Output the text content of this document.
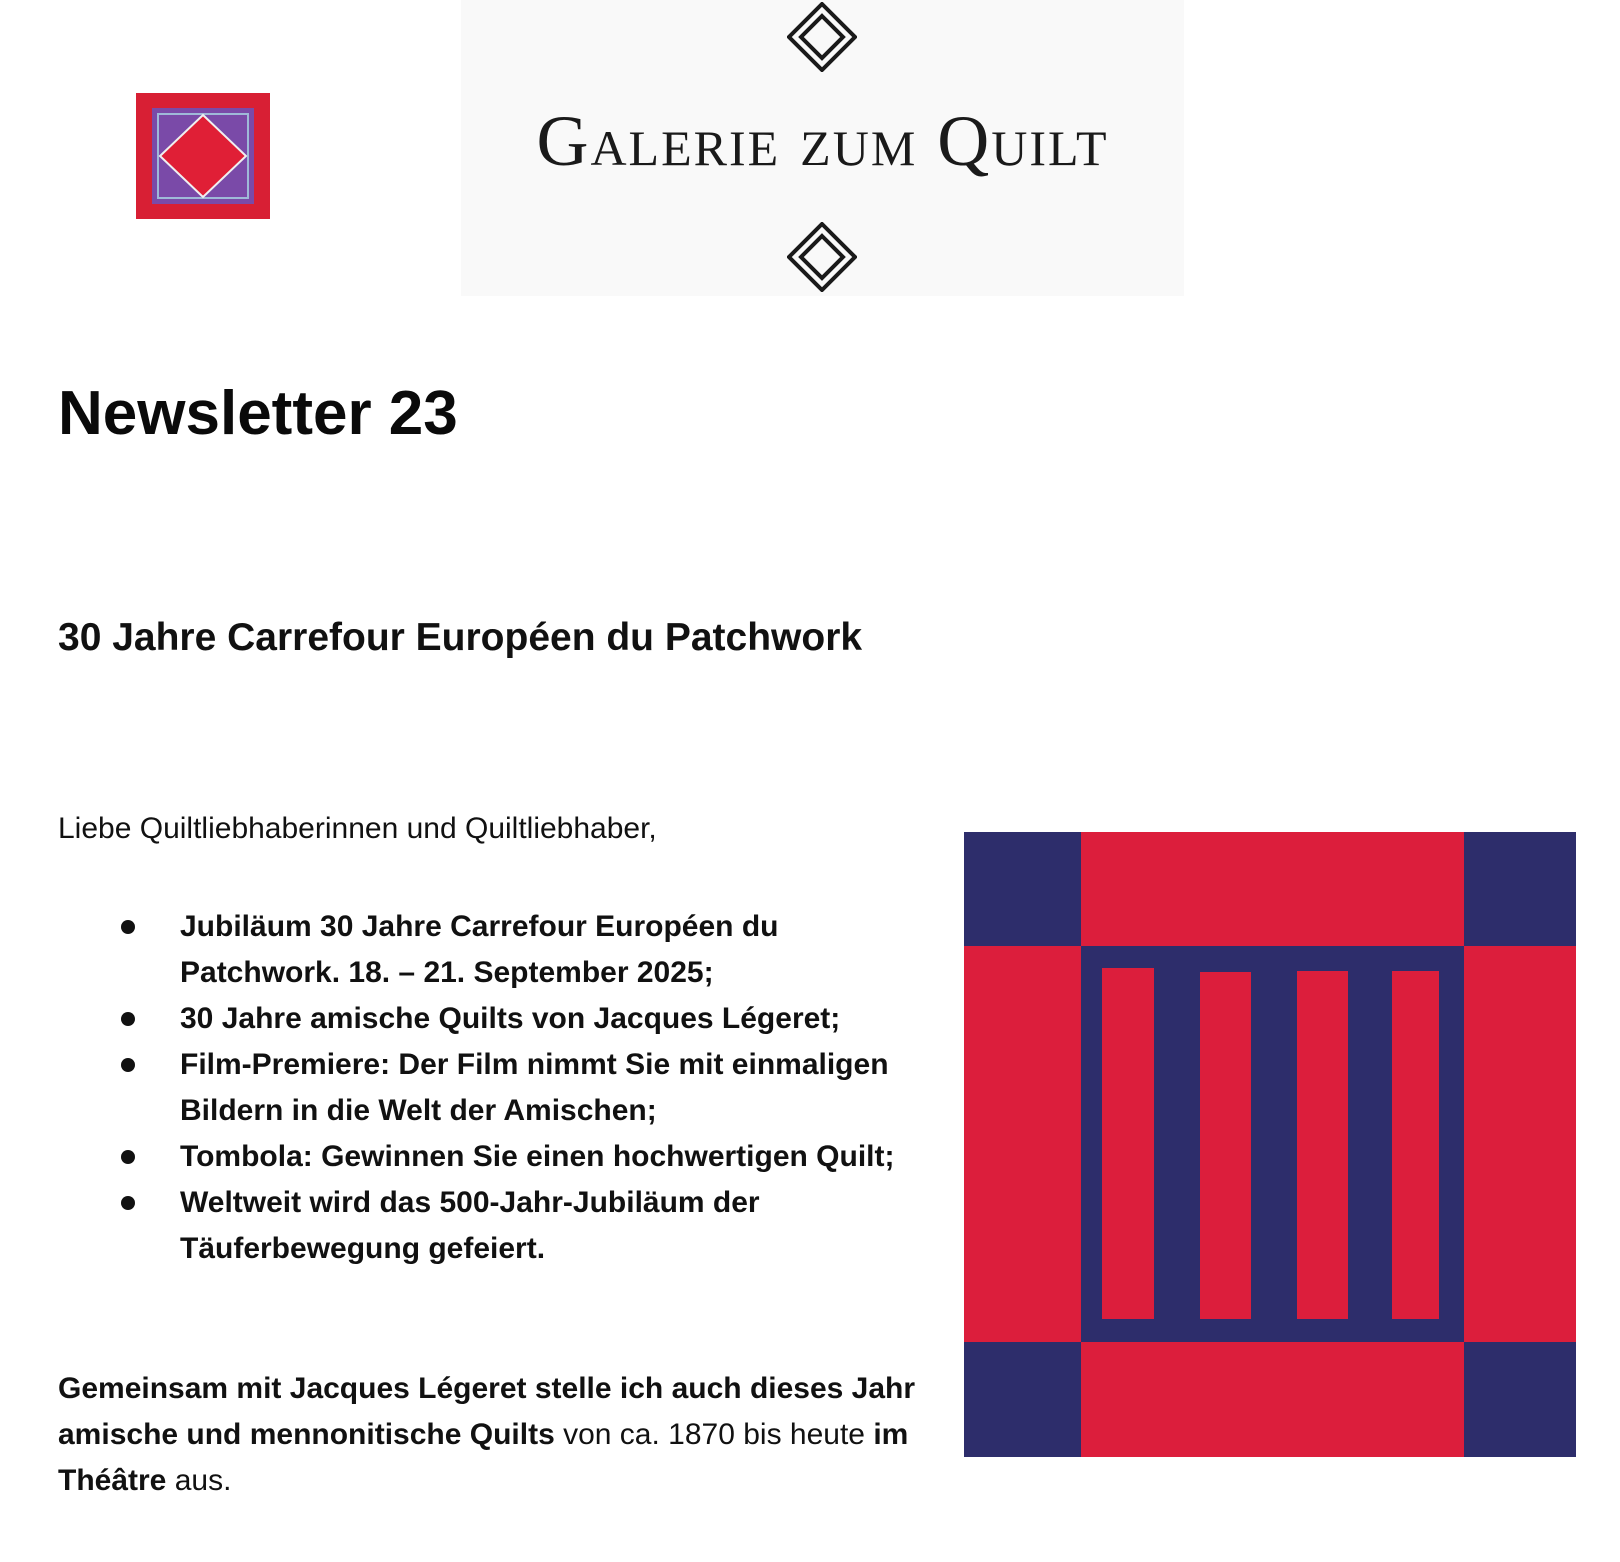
Galerie zum Quilt
Newsletter 23
30 Jahre Carrefour Européen du Patchwork

Liebe Quiltliebhaberinnen und Quiltliebhaber,

Jubiläum 30 Jahre Carrefour Européen du Patchwork. 18. – 21. September 2025;
30 Jahre amische Quilts von Jacques Légeret;
Film-Premiere: Der Film nimmt Sie mit einmaligen Bildern in die Welt der Amischen;
Tombola: Gewinnen Sie einen hochwertigen Quilt;
Weltweit wird das 500-Jahr-Jubiläum der Täuferbewegung gefeiert.

Gemeinsam mit Jacques Légeret stelle ich auch dieses Jahr amische und mennonitische Quilts von ca. 1870 bis heute im Théâtre aus.
